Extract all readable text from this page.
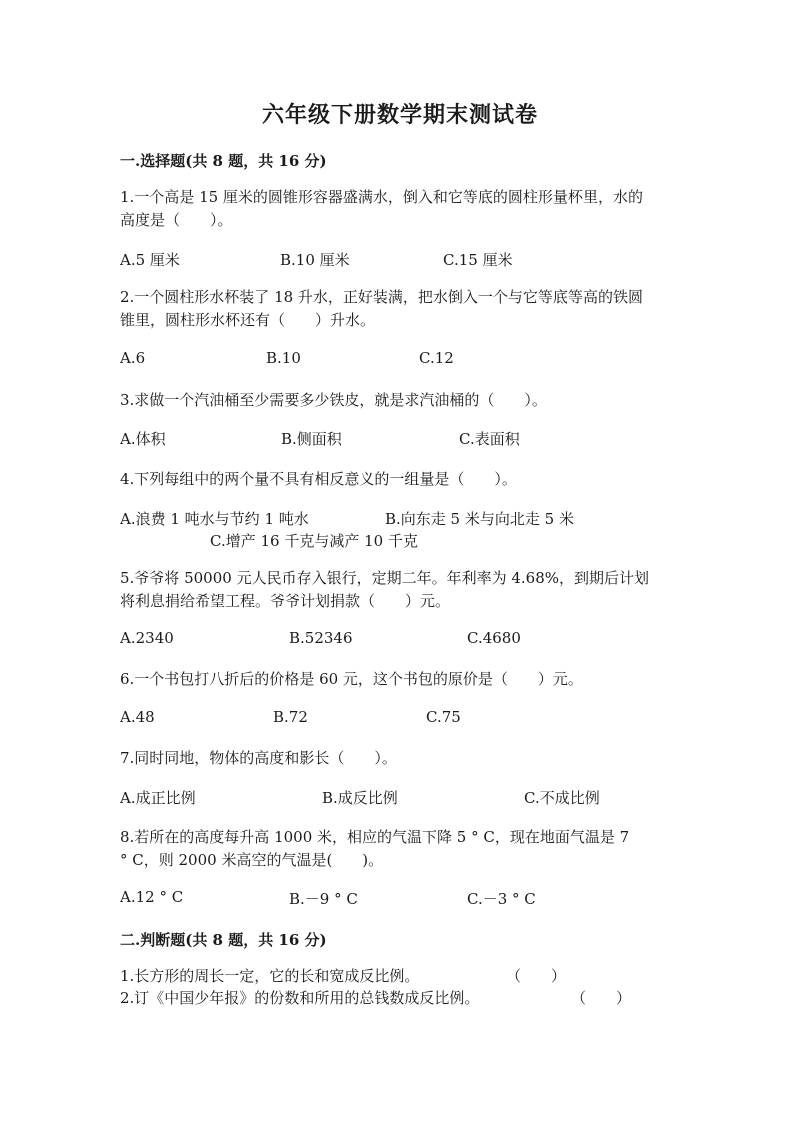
六年级下册数学期末测试卷
一.选择题(共 8 题，共 16 分)
1.一个高是 15 厘米的圆锥形容器盛满水，倒入和它等底的圆柱形量杯里，水的
高度是（　　）。
A.5 厘米	B.10 厘米	C.15 厘米
2.一个圆柱形水杯装了 18 升水，正好装满，把水倒入一个与它等底等高的铁圆
锥里，圆柱形水杯还有（　　）升水。
A.6	B.10	C.12
3.求做一个汽油桶至少需要多少铁皮，就是求汽油桶的（　　）。
A.体积	B.侧面积	C.表面积
4.下列每组中的两个量不具有相反意义的一组量是（　　）。
A.浪费 1 吨水与节约 1 吨水	B.向东走 5 米与向北走 5 米
C.增产 16 千克与减产 10 千克
5.爷爷将 50000 元人民币存入银行，定期二年。年利率为 4.68%，到期后计划
将利息捐给希望工程。爷爷计划捐款（　　）元。
A.2340	B.52346	C.4680
6.一个书包打八折后的价格是 60 元，这个书包的原价是（　　）元。
A.48	B.72	C.75
7.同时同地，物体的高度和影长（　　）。
A.成正比例	B.成反比例	C.不成比例
8.若所在的高度每升高 1000 米，相应的气温下降 5 ° C，现在地面气温是 7
° C，则 2000 米高空的气温是(　　)。
A.12 ° C	B.－9 ° C	C.－3 ° C
二.判断题(共 8 题，共 16 分)
1.长方形的周长一定，它的长和宽成反比例。	（　　）
2.订《中国少年报》的份数和所用的总钱数成反比例。	（　　）
